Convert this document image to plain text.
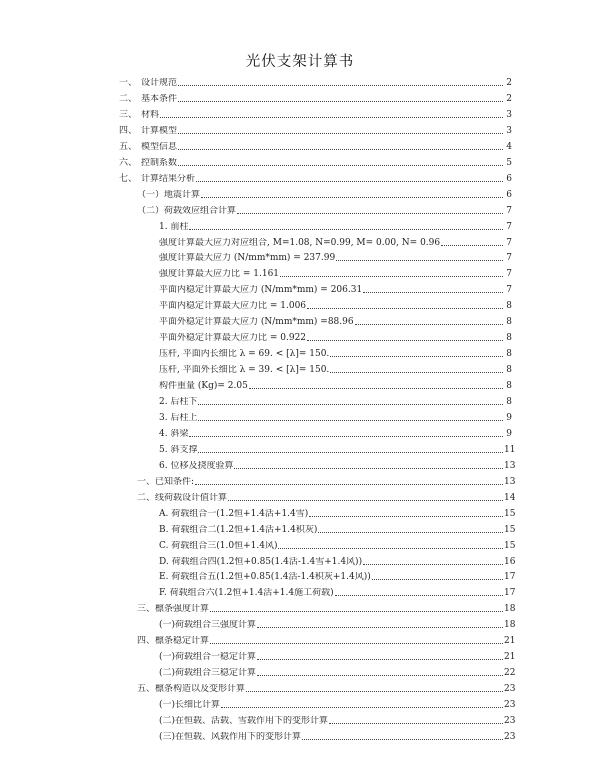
光伏支架计算书
一、 设计规范	2
二、 基本条件	2
三、 材料	3
四、 计算模型	3
五、 模型信息	4
六、 控制系数	5
七、 计算结果分析	6
（一）地震计算	6
（二）荷载效应组合计算	7
1. 前柱	7
强度计算最大应力对应组合, M=1.08, N=0.99, M= 0.00, N= 0.96	7
强度计算最大应力 (N/mm*mm) = 237.99	7
强度计算最大应力比 = 1.161	7
平面内稳定计算最大应力 (N/mm*mm) = 206.31	7
平面内稳定计算最大应力比 = 1.006	8
平面外稳定计算最大应力 (N/mm*mm) =88.96	8
平面外稳定计算最大应力比 = 0.922	8
压杆, 平面内长细比 λ = 69. < [λ]= 150.	8
压杆, 平面外长细比 λ = 39. < [λ]= 150.	8
构件重量 (Kg)= 2.05	8
2. 后柱下	8
3. 后柱上	9
4. 斜梁	9
5. 斜支撑	11
6. 位移及挠度验算	13
一、已知条件:	13
二、线荷载设计值计算	14
A. 荷载组合一(1.2恒+1.4活+1.4雪)	15
B. 荷载组合二(1.2恒+1.4活+1.4积灰)	15
C. 荷载组合三(1.0恒+1.4风)	15
D. 荷载组合四(1.2恒+0.85(1.4活-1.4雪+1.4风))	16
E. 荷载组合五(1.2恒+0.85(1.4活-1.4积灰+1.4风))	17
F. 荷载组合六(1.2恒+1.4活+1.4施工荷载)	17
三、檩条强度计算	18
(一)荷载组合三强度计算	18
四、檩条稳定计算	21
(一)荷载组合一稳定计算	21
(二)荷载组合三稳定计算	22
五、檩条构造以及变形计算	23
(一)长细比计算	23
(二)在恒载、活载、雪载作用下的变形计算	23
(三)在恒载、风载作用下的变形计算	23
